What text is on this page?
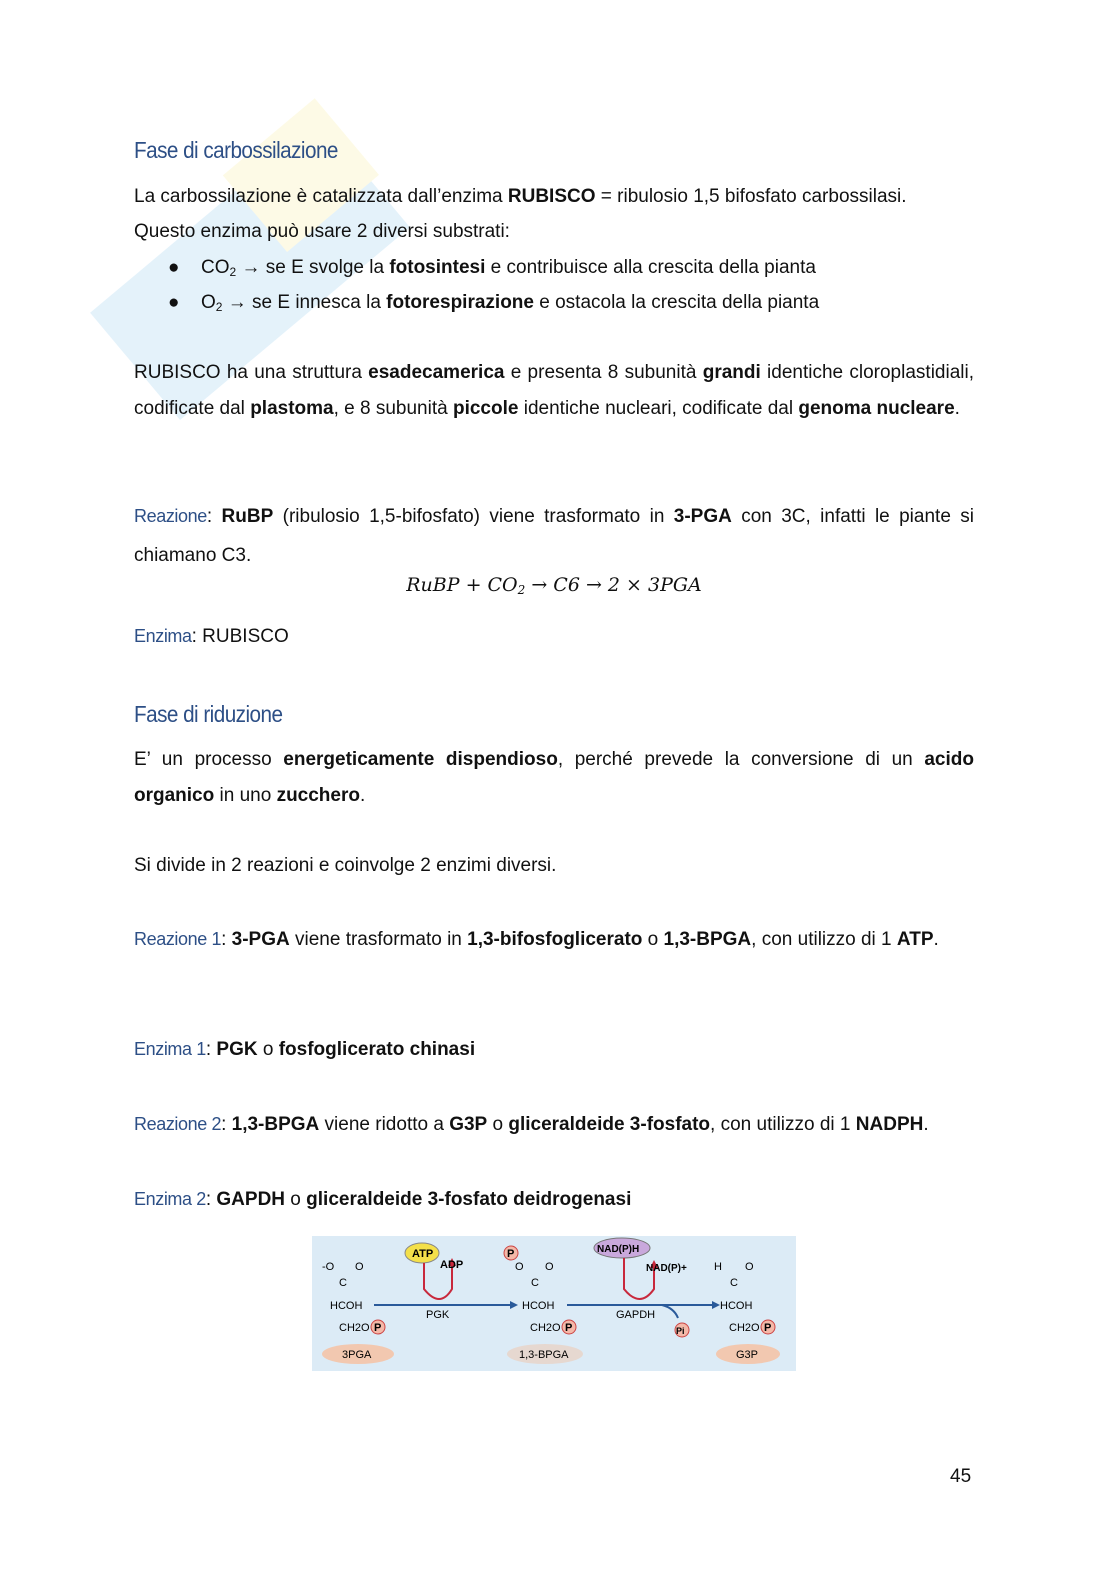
Fase di carbossilazione
La carbossilazione è catalizzata dall’enzima RUBISCO = ribulosio 1,5 bifosfato carbossilasi.
Questo enzima può usare 2 diversi substrati:
● $CO_2$ → se E svolge la fotosintesi e contribuisce alla crescita della pianta
● $O_2$ → se E innesca la fotorespirazione e ostacola la crescita della pianta
RUBISCO ha una struttura esadecamerica e presenta 8 subunità grandi identiche cloroplastidiali, codificate dal plastoma, e 8 subunità piccole identiche nucleari, codificate dal genoma nucleare.
Reazione: RuBP (ribulosio 1,5-bifosfato) viene trasformato in 3-PGA con 3C, infatti le piante si chiamano C3.
RuBP + $CO_2 \to C6 \to 2 \times 3PGA$
Enzima: RUBISCO
Fase di riduzione
E’ un processo energeticamente dispendioso, perché prevede la conversione di un acido organico in uno zucchero.
Si divide in 2 reazioni e coinvolge 2 enzimi diversi.
Reazione 1: 3-PGA viene trasformato in 1,3-bifosfoglicerato o 1,3-BPGA, con utilizzo di 1 ATP.
Enzima 1: PGK o fosfoglicerato chinasi
Reazione 2: 1,3-BPGA viene ridotto a G3P o gliceraldeide 3-fosfato, con utilizzo di 1 NADPH.
Enzima 2: GAPDH o gliceraldeide 3-fosfato deidrogenasi
-O O
C
HCOH
CH2O P
3PGA
ATP
ADP
PGK
P
O O
C
HCOH
CH2O P
1,3-BPGA
NAD(P)H
NAD(P)+
GAPDH
Pi
H O
C
HCOH
CH2O P
G3P
45
